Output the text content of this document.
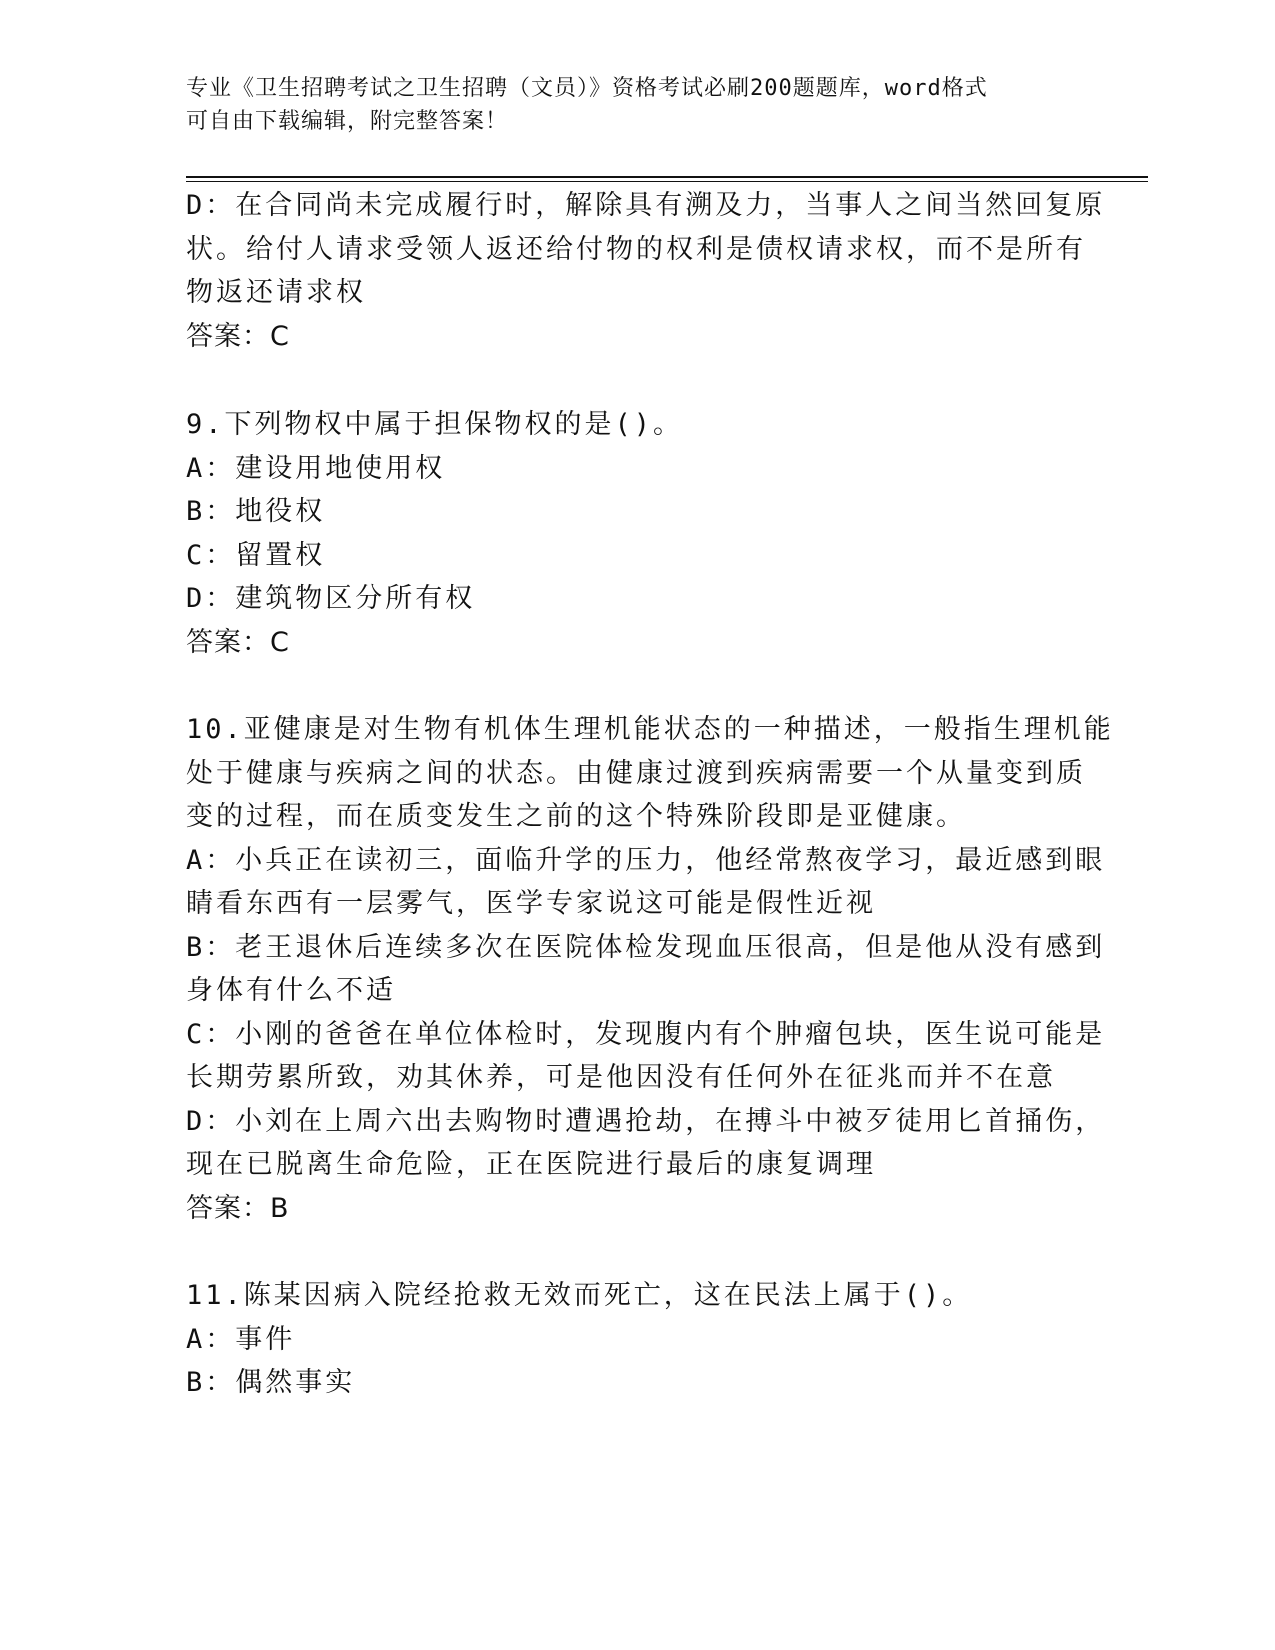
专业《卫生招聘考试之卫生招聘（文员）》资格考试必刷200题题库，word格式
可自由下载编辑，附完整答案！
D：在合同尚未完成履行时，解除具有溯及力，当事人之间当然回复原
状。给付人请求受领人返还给付物的权利是债权请求权，而不是所有
物返还请求权
答案：C
9.下列物权中属于担保物权的是()。
A：建设用地使用权
B：地役权
C：留置权
D：建筑物区分所有权
答案：C
10.亚健康是对生物有机体生理机能状态的一种描述，一般指生理机能
处于健康与疾病之间的状态。由健康过渡到疾病需要一个从量变到质
变的过程，而在质变发生之前的这个特殊阶段即是亚健康。
A：小兵正在读初三，面临升学的压力，他经常熬夜学习，最近感到眼
睛看东西有一层雾气，医学专家说这可能是假性近视
B：老王退休后连续多次在医院体检发现血压很高，但是他从没有感到
身体有什么不适
C：小刚的爸爸在单位体检时，发现腹内有个肿瘤包块，医生说可能是
长期劳累所致，劝其休养，可是他因没有任何外在征兆而并不在意
D：小刘在上周六出去购物时遭遇抢劫，在搏斗中被歹徒用匕首捅伤，
现在已脱离生命危险，正在医院进行最后的康复调理
答案：B
11.陈某因病入院经抢救无效而死亡，这在民法上属于()。
A：事件
B：偶然事实
